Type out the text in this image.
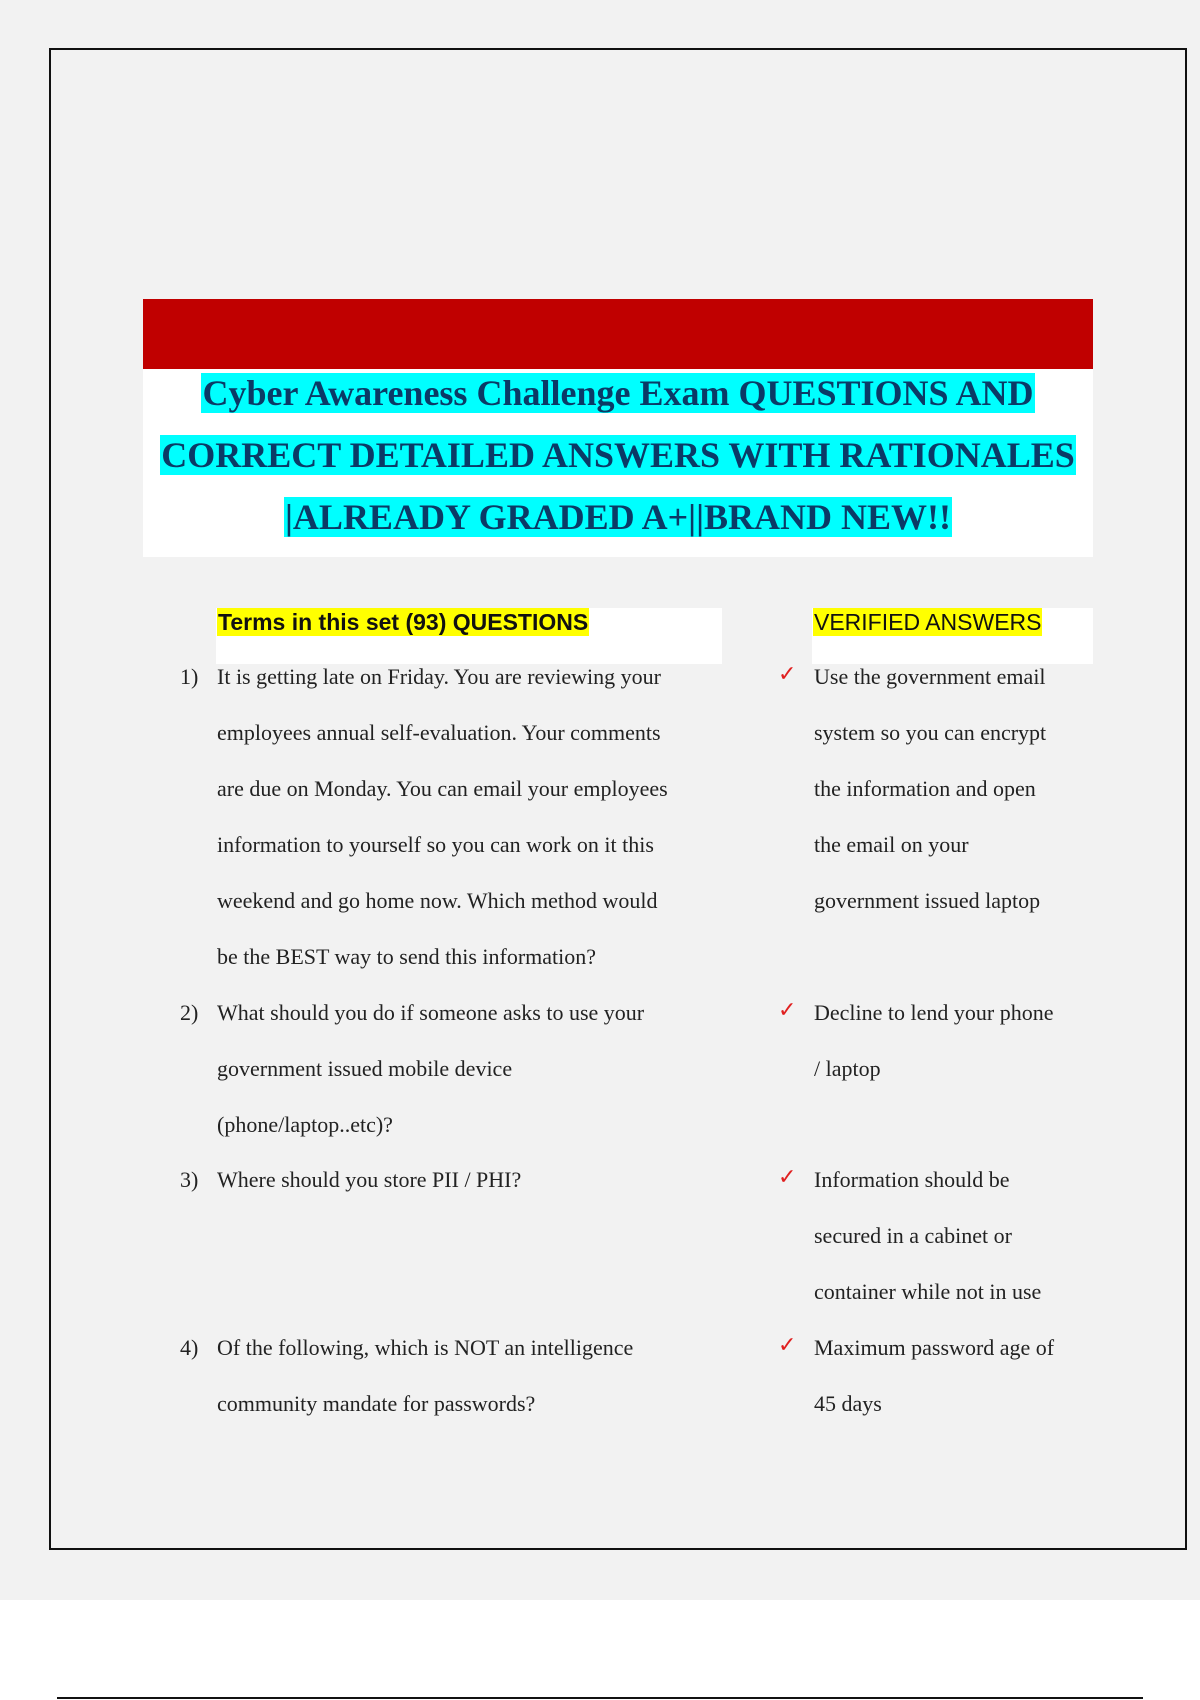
Cyber Awareness Challenge Exam QUESTIONS AND
CORRECT DETAILED ANSWERS WITH RATIONALES
|ALREADY GRADED A+||BRAND NEW!!
Terms in this set (93) QUESTIONS	VERIFIED ANSWERS
1) It is getting late on Friday. You are reviewing your
employees annual self-evaluation. Your comments
are due on Monday. You can email your employees
information to yourself so you can work on it this
weekend and go home now. Which method would
be the BEST way to send this information?
✓ Use the government email
system so you can encrypt
the information and open
the email on your
government issued laptop
2) What should you do if someone asks to use your
government issued mobile device
(phone/laptop..etc)?
✓ Decline to lend your phone
/ laptop
3) Where should you store PII / PHI?	✓ Information should be
secured in a cabinet or
container while not in use
4) Of the following, which is NOT an intelligence
community mandate for passwords?
✓ Maximum password age of
45 days
